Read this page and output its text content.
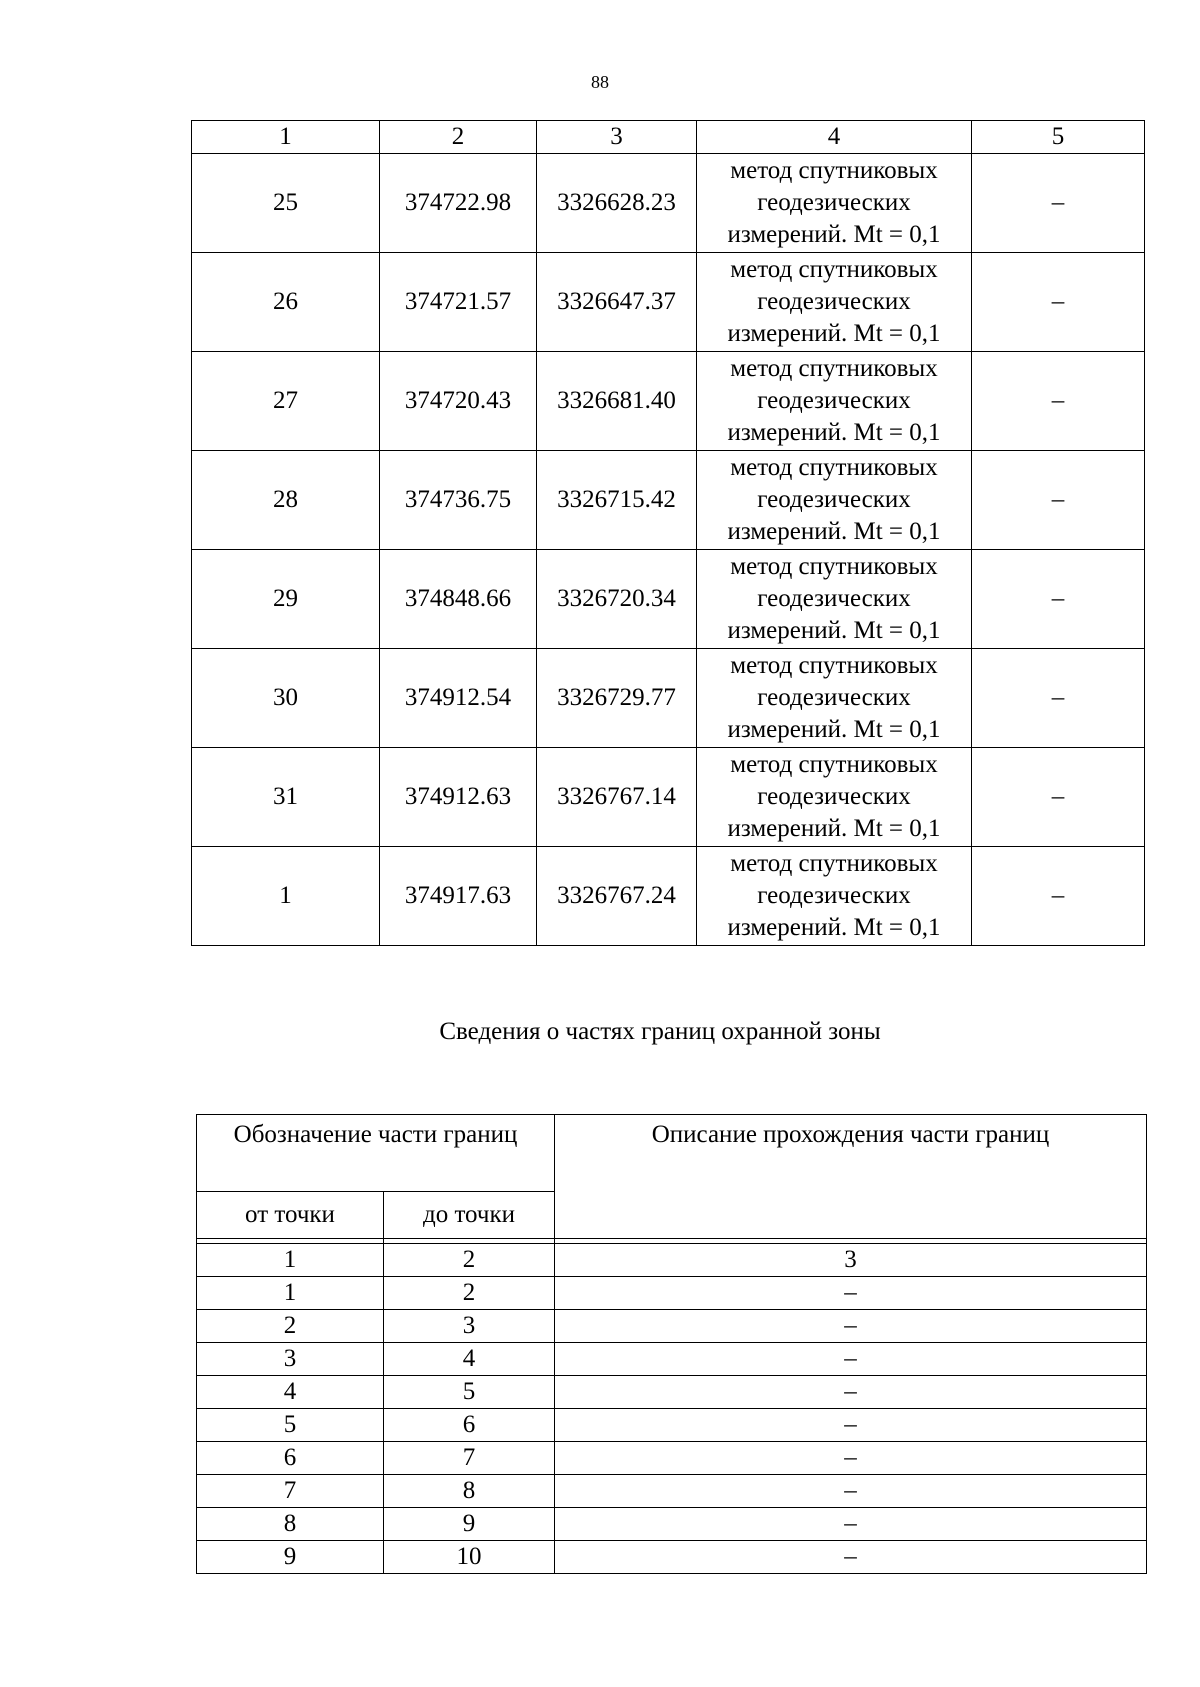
88
1	2	3	4	5
25	374722.98	3326628.23	метод спутниковых
геодезических
измерений. Mt = 0,1	–
26	374721.57	3326647.37	метод спутниковых
геодезических
измерений. Mt = 0,1	–
27	374720.43	3326681.40	метод спутниковых
геодезических
измерений. Mt = 0,1	–
28	374736.75	3326715.42	метод спутниковых
геодезических
измерений. Mt = 0,1	–
29	374848.66	3326720.34	метод спутниковых
геодезических
измерений. Mt = 0,1	–
30	374912.54	3326729.77	метод спутниковых
геодезических
измерений. Mt = 0,1	–
31	374912.63	3326767.14	метод спутниковых
геодезических
измерений. Mt = 0,1	–
1	374917.63	3326767.24	метод спутниковых
геодезических
измерений. Mt = 0,1	–
Сведения о частях границ охранной зоны
Обозначение части границ		Описание прохождения части границ
от точки	до точки	

1	2	3
1	2	–
2	3	–
3	4	–
4	5	–
5	6	–
6	7	–
7	8	–
8	9	–
9	10	–
